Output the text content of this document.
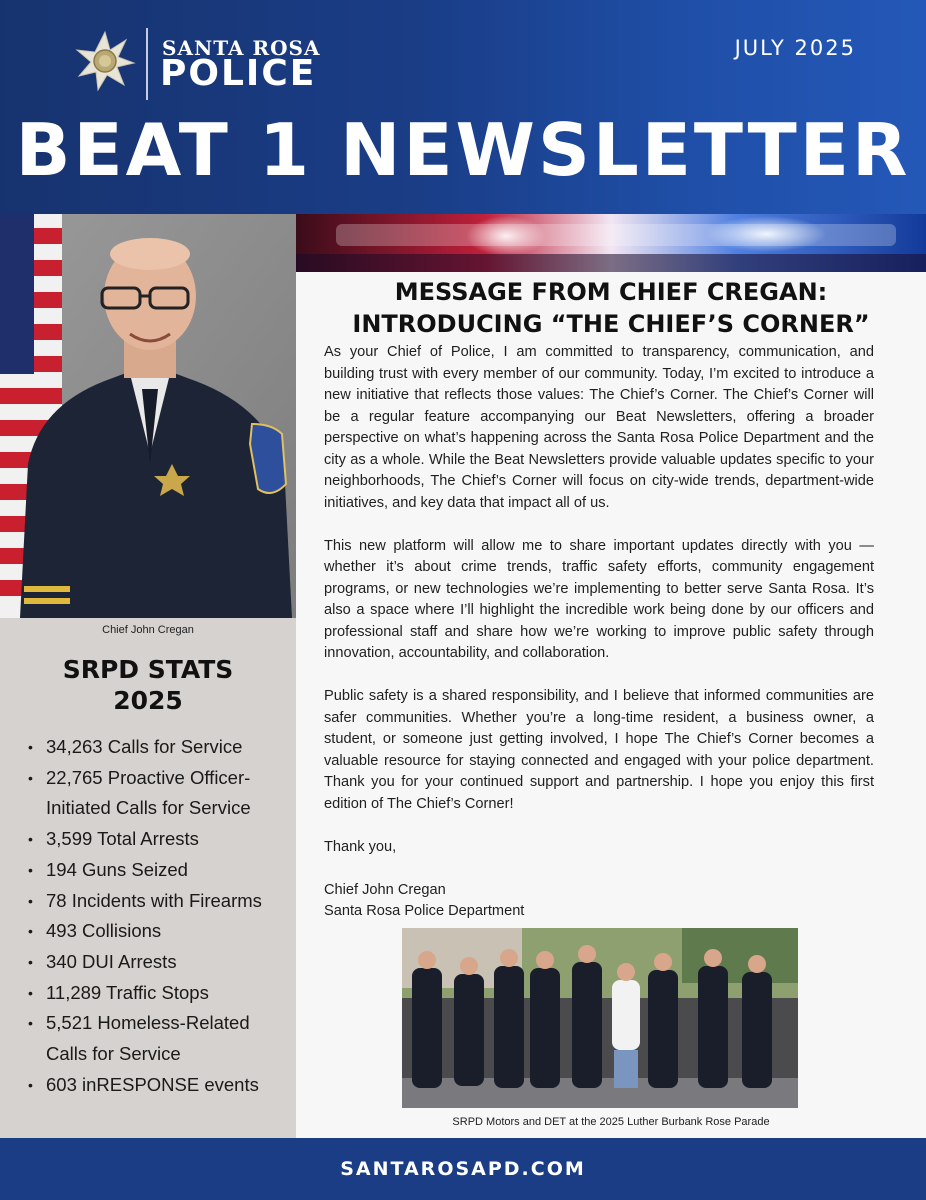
SANTA ROSA
POLICE
JULY 2025
BEAT 1 NEWSLETTER
Chief John Cregan
SRPD STATS
2025
• 34,263 Calls for Service
• 22,765 Proactive Officer-Initiated Calls for Service
• 3,599 Total Arrests
• 194 Guns Seized
• 78 Incidents with Firearms
• 493 Collisions
• 340 DUI Arrests
• 11,289 Traffic Stops
• 5,521 Homeless-Related Calls for Service
• 603 inRESPONSE events
MESSAGE FROM CHIEF CREGAN:
INTRODUCING “THE CHIEF’S CORNER”

As your Chief of Police, I am committed to transparency, communication, and building trust with every member of our community. Today, I’m excited to introduce a new initiative that reflects those values: The Chief’s Corner. The Chief’s Corner will be a regular feature accompanying our Beat Newsletters, offering a broader perspective on what’s happening across the Santa Rosa Police Department and the city as a whole. While the Beat Newsletters provide valuable updates specific to your neighborhoods, The Chief’s Corner will focus on city-wide trends, department-wide initiatives, and key data that impact all of us.

This new platform will allow me to share important updates directly with you — whether it’s about crime trends, traffic safety efforts, community engagement programs, or new technologies we’re implementing to better serve Santa Rosa. It’s also a space where I’ll highlight the incredible work being done by our officers and professional staff and share how we’re working to improve public safety through innovation, accountability, and collaboration.

Public safety is a shared responsibility, and I believe that informed communities are safer communities. Whether you’re a long-time resident, a business owner, a student, or someone just getting involved, I hope The Chief’s Corner becomes a valuable resource for staying connected and engaged with your police department. Thank you for your continued support and partnership. I hope you enjoy this first edition of The Chief’s Corner!

Thank you,

Chief John Cregan

Santa Rosa Police Department

SRPD Motors and DET at the 2025 Luther Burbank Rose Parade
SANTAROSAPD.COM
